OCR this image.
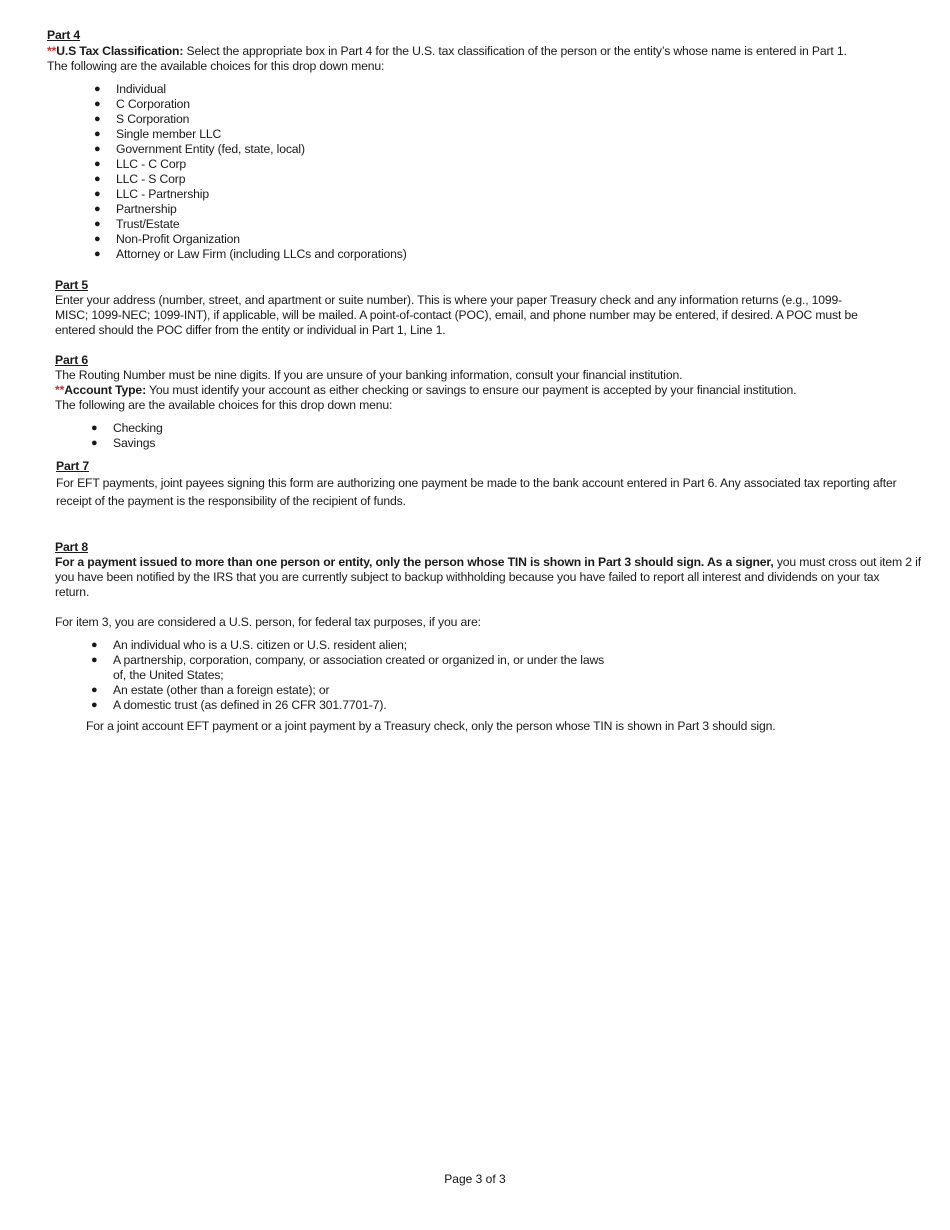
Part 4

**U.S Tax Classification: Select the appropriate box in Part 4 for the U.S. tax classification of the person or the entity’s whose name is entered in Part 1.

The following are the available choices for this drop down menu:

● Individual
● C Corporation
● S Corporation
● Single member LLC
● Government Entity (fed, state, local)
● LLC - C Corp
● LLC - S Corp
● LLC - Partnership
● Partnership
● Trust/Estate
● Non-Profit Organization
● Attorney or Law Firm (including LLCs and corporations)
Part 5

Enter your address (number, street, and apartment or suite number). This is where your paper Treasury check and any information returns (e.g., 1099-

MISC; 1099-NEC; 1099-INT), if applicable, will be mailed. A point-of-contact (POC), email, and phone number may be entered, if desired. A POC must be

entered should the POC differ from the entity or individual in Part 1, Line 1.

Part 6

The Routing Number must be nine digits. If you are unsure of your banking information, consult your financial institution.

**Account Type: You must identify your account as either checking or savings to ensure our payment is accepted by your financial institution.

The following are the available choices for this drop down menu:

● Checking
● Savings
Part 7

For EFT payments, joint payees signing this form are authorizing one payment be made to the bank account entered in Part 6. Any associated tax reporting after

receipt of the payment is the responsibility of the recipient of funds.

Part 8

For a payment issued to more than one person or entity, only the person whose TIN is shown in Part 3 should sign. As a signer, you must cross out item 2 if

you have been notified by the IRS that you are currently subject to backup withholding because you have failed to report all interest and dividends on your tax

return.

For item 3, you are considered a U.S. person, for federal tax purposes, if you are:

● An individual who is a U.S. citizen or U.S. resident alien;
● A partnership, corporation, company, or association created or organized in, or under the laws
of, the United States;
● An estate (other than a foreign estate); or
● A domestic trust (as defined in 26 CFR 301.7701-7).

For a joint account EFT payment or a joint payment by a Treasury check, only the person whose TIN is shown in Part 3 should sign.

Page 3 of 3
